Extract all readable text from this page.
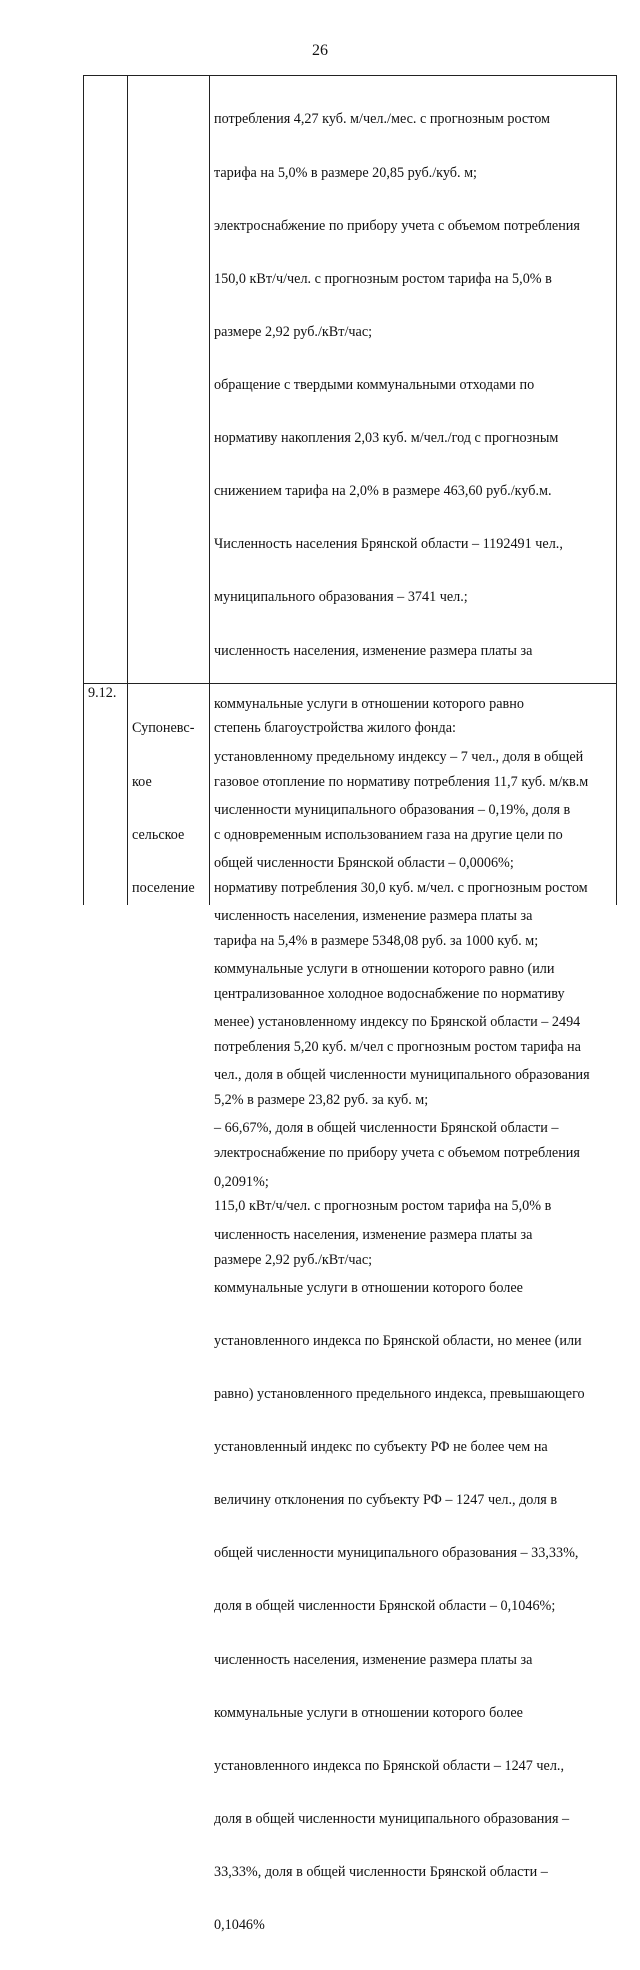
26

потребления 4,27 куб. м/чел./мес. с прогнозным ростом

тарифа на 5,0% в размере 20,85 руб./куб. м;

электроснабжение по прибору учета с объемом потребления

150,0 кВт/ч/чел. с прогнозным ростом тарифа на 5,0% в

размере 2,92 руб./кВт/час;

обращение с твердыми коммунальными отходами по

нормативу накопления 2,03 куб. м/чел./год с прогнозным

снижением тарифа на 2,0% в размере 463,60 руб./куб.м.

Численность населения Брянской области – 1192491 чел.,

муниципального образования – 3741 чел.;

численность населения, изменение размера платы за

коммунальные услуги в отношении которого равно

установленному предельному индексу – 7 чел., доля в общей

численности муниципального образования – 0,19%, доля в

общей численности Брянской области – 0,0006%;

численность населения, изменение размера платы за

коммунальные услуги в отношении которого равно (или

менее) установленному индексу по Брянской области – 2494

чел., доля в общей численности муниципального образования

– 66,67%, доля в общей численности Брянской области –

0,2091%;

численность населения, изменение размера платы за

коммунальные услуги в отношении которого более

установленного индекса по Брянской области, но менее (или

равно) установленного предельного индекса, превышающего

установленный индекс по субъекту РФ не более чем на

величину отклонения по субъекту РФ – 1247 чел., доля в

общей численности муниципального образования – 33,33%,

доля в общей численности Брянской области – 0,1046%;

численность населения, изменение размера платы за

коммунальные услуги в отношении которого более

установленного индекса по Брянской области – 1247 чел.,

доля в общей численности муниципального образования –

33,33%, доля в общей численности Брянской области –

0,1046%

9.12.

Супоневс-

кое

сельское

поселение

степень благоустройства жилого фонда:

газовое отопление по нормативу потребления 11,7 куб. м/кв.м

с одновременным использованием газа на другие цели по

нормативу потребления 30,0 куб. м/чел. с прогнозным ростом

тарифа на 5,4% в размере 5348,08 руб. за 1000 куб. м;

централизованное холодное водоснабжение по нормативу

потребления 5,20 куб. м/чел с прогнозным ростом тарифа на

5,2% в размере 23,82 руб. за куб. м;

электроснабжение по прибору учета с объемом потребления

115,0 кВт/ч/чел. с прогнозным ростом тарифа на 5,0% в

размере 2,92 руб./кВт/час;
